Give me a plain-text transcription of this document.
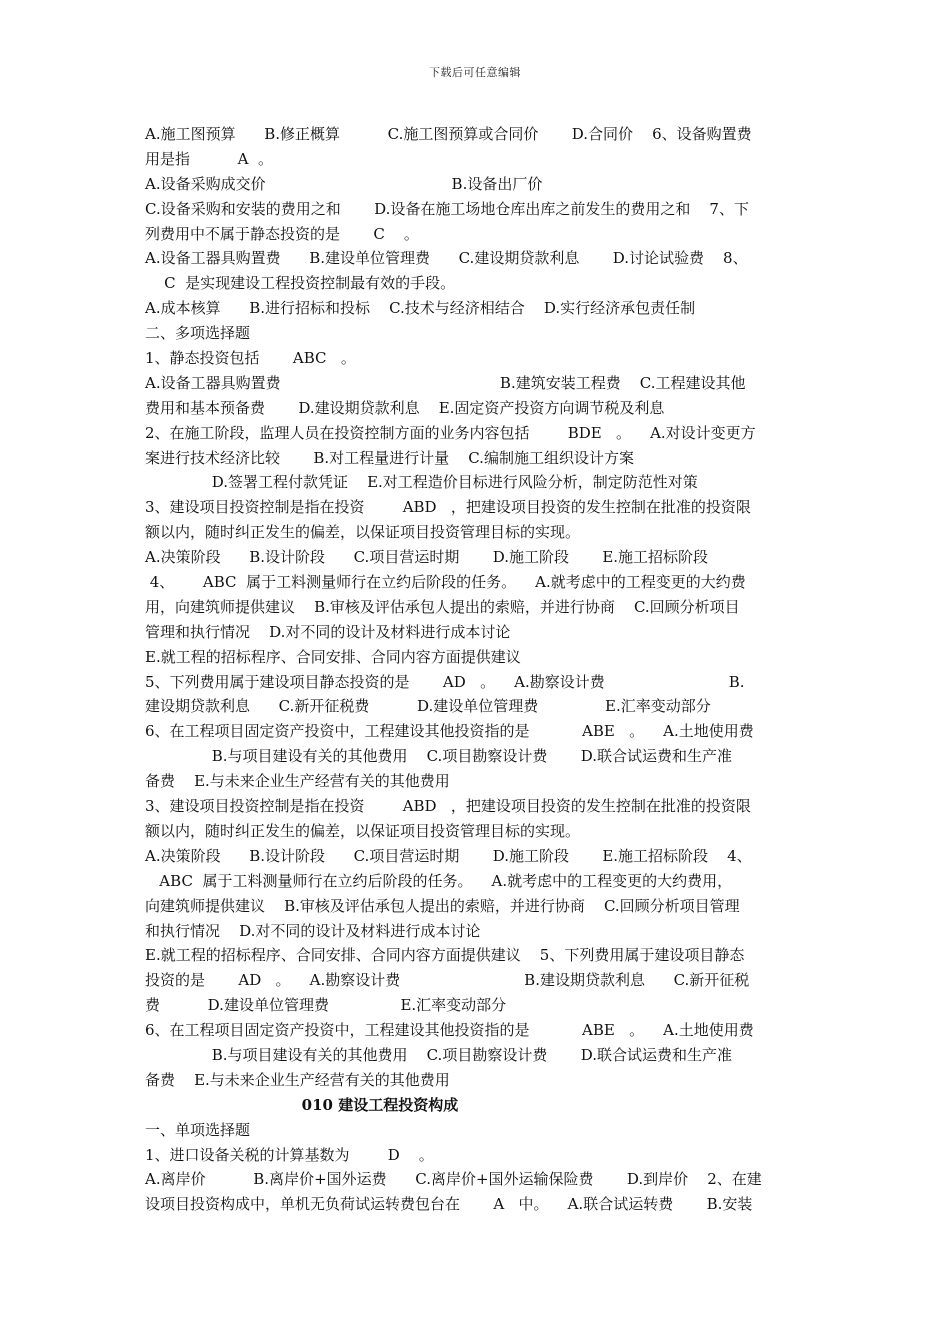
下载后可任意编辑
A.施工图预算      B.修正概算          C.施工图预算或合同价       D.合同价    6、设备购置费
用是指          A  。
A.设备采购成交价                                       B.设备出厂价
C.设备采购和安装的费用之和       D.设备在施工场地仓库出库之前发生的费用之和    7、下
列费用中不属于静态投资的是       C    。
A.设备工器具购置费      B.建设单位管理费      C.建设期贷款利息       D.讨论试验费    8、
C  是实现建设工程投资控制最有效的手段。
A.成本核算      B.进行招标和投标    C.技术与经济相结合    D.实行经济承包责任制
二、多项选择题
1、静态投资包括       ABC   。
A.设备工器具购置费                                              B.建筑安装工程费    C.工程建设其他
费用和基本预备费       D.建设期贷款利息    E.固定资产投资方向调节税及利息
2、在施工阶段，监理人员在投资控制方面的业务内容包括        BDE   。    A.对设计变更方
案进行技术经济比较       B.对工程量进行计量    C.编制施工组织设计方案
D.签署工程付款凭证    E.对工程造价目标进行风险分析，制定防范性对策
3、建设项目投资控制是指在投资        ABD   ，把建设项目投资的发生控制在批准的投资限
额以内，随时纠正发生的偏差，以保证项目投资管理目标的实现。
A.决策阶段      B.设计阶段      C.项目营运时期       D.施工阶段       E.施工招标阶段
4、      ABC  属于工料测量师行在立约后阶段的任务。    A.就考虑中的工程变更的大约费
用，向建筑师提供建议    B.审核及评估承包人提出的索赔，并进行协商    C.回顾分析项目
管理和执行情况    D.对不同的设计及材料进行成本讨论
E.就工程的招标程序、合同安排、合同内容方面提供建议
5、下列费用属于建设项目静态投资的是       AD   。    A.勘察设计费                          B.
建设期贷款利息      C.新开征税费          D.建设单位管理费              E.汇率变动部分
6、在工程项目固定资产投资中，工程建设其他投资指的是           ABE   。    A.土地使用费
B.与项目建设有关的其他费用    C.项目勘察设计费       D.联合试运费和生产准
备费    E.与未来企业生产经营有关的其他费用
3、建设项目投资控制是指在投资        ABD   ，把建设项目投资的发生控制在批准的投资限
额以内，随时纠正发生的偏差，以保证项目投资管理目标的实现。
A.决策阶段      B.设计阶段      C.项目营运时期       D.施工阶段       E.施工招标阶段    4、
ABC  属于工料测量师行在立约后阶段的任务。    A.就考虑中的工程变更的大约费用，
向建筑师提供建议    B.审核及评估承包人提出的索赔，并进行协商    C.回顾分析项目管理
和执行情况    D.对不同的设计及材料进行成本讨论
E.就工程的招标程序、合同安排、合同内容方面提供建议    5、下列费用属于建设项目静态
投资的是       AD   。    A.勘察设计费                          B.建设期贷款利息      C.新开征税
费          D.建设单位管理费               E.汇率变动部分
6、在工程项目固定资产投资中，工程建设其他投资指的是           ABE   。    A.土地使用费
B.与项目建设有关的其他费用    C.项目勘察设计费       D.联合试运费和生产准
备费    E.与未来企业生产经营有关的其他费用
010 建设工程投资构成
一、单项选择题
1、进口设备关税的计算基数为        D    。
A.离岸价          B.离岸价+国外运费      C.离岸价+国外运输保险费       D.到岸价    2、在建
设项目投资构成中，单机无负荷试运转费包台在       A   中。    A.联合试运转费       B.安装
